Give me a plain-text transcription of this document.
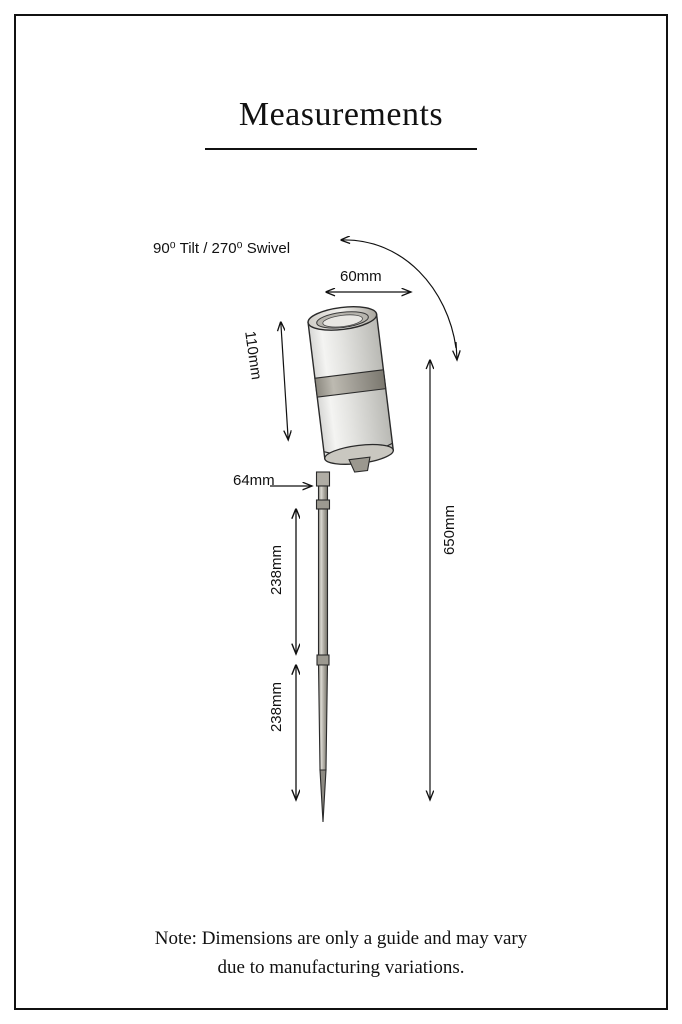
Measurements
90⁰ Tilt / 270⁰ Swivel
60mm
110mm
64mm
238mm
238mm
650mm
Note: Dimensions are only a guide and may vary
due to manufacturing variations.
